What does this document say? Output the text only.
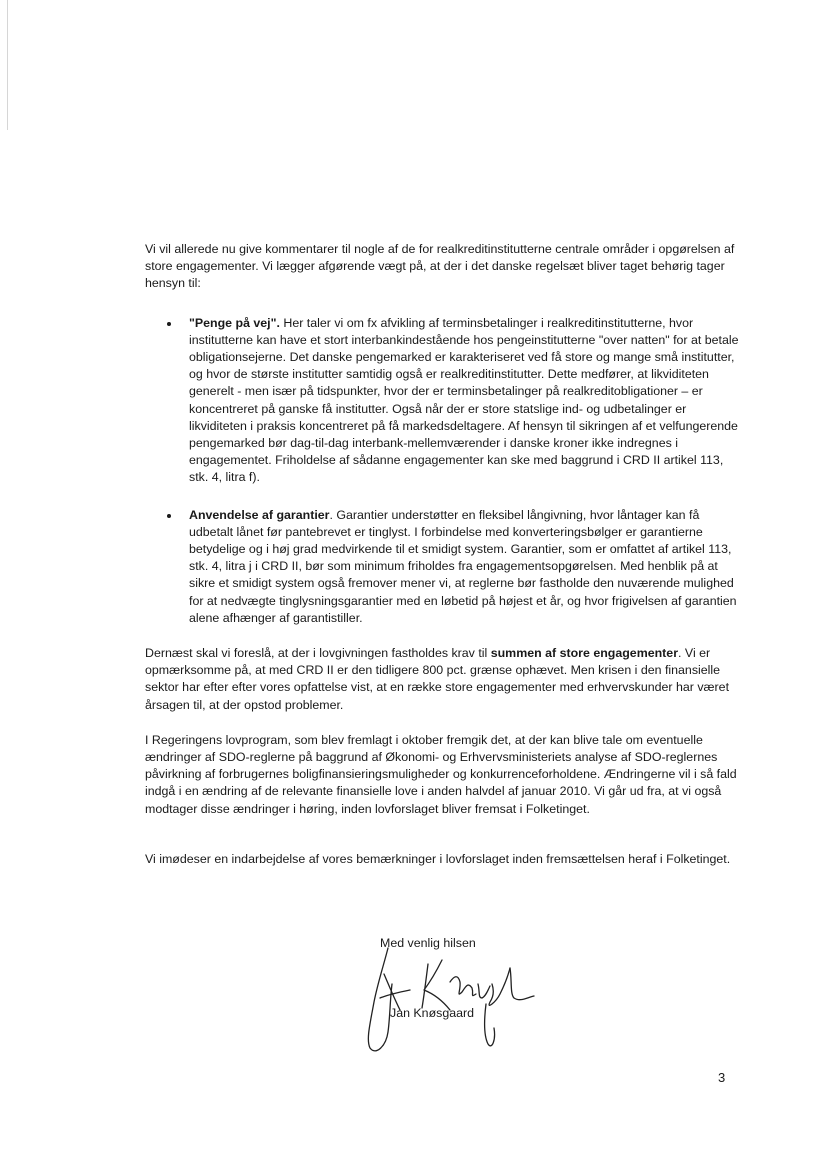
Vi vil allerede nu give kommentarer til nogle af de for realkreditinstitutterne centrale områder i opgørelsen af store engagementer. Vi lægger afgørende vægt på, at der i det danske regelsæt bliver taget behørig tager hensyn til:

"Penge på vej". Her taler vi om fx afvikling af terminsbetalinger i realkreditinstitutterne, hvor institutterne kan have et stort interbankindestående hos pengeinstitutterne "over natten" for at betale obligationsejerne. Det danske pengemarked er karakteriseret ved få store og mange små institutter, og hvor de største institutter samtidig også er realkreditinstitutter. Dette medfører, at likviditeten generelt - men især på tidspunkter, hvor der er terminsbetalinger på realkreditobligationer – er koncentreret på ganske få institutter. Også når der er store statslige ind- og udbetalinger er likviditeten i praksis koncentreret på få markedsdeltagere. Af hensyn til sikringen af et velfungerende pengemarked bør dag-til-dag interbank-mellemværender i danske kroner ikke indregnes i engagementet. Friholdelse af sådanne engagementer kan ske med baggrund i CRD II artikel 113, stk. 4, litra f).
Anvendelse af garantier. Garantier understøtter en fleksibel långivning, hvor låntager kan få udbetalt lånet før pantebrevet er tinglyst. I forbindelse med konverteringsbølger er garantierne betydelige og i høj grad medvirkende til et smidigt system. Garantier, som er omfattet af artikel 113, stk. 4, litra j i CRD II, bør som minimum friholdes fra engagementsopgørelsen. Med henblik på at sikre et smidigt system også fremover mener vi, at reglerne bør fastholde den nuværende mulighed for at nedvægte tinglysningsgarantier med en løbetid på højest et år, og hvor frigivelsen af garantien alene afhænger af garantistiller.

Dernæst skal vi foreslå, at der i lovgivningen fastholdes krav til summen af store engagementer. Vi er opmærksomme på, at med CRD II er den tidligere 800 pct. grænse ophævet. Men krisen i den finansielle sektor har efter efter vores opfattelse vist, at en række store engagementer med erhvervskunder har været årsagen til, at der opstod problemer.

I Regeringens lovprogram, som blev fremlagt i oktober fremgik det, at der kan blive tale om eventuelle ændringer af SDO-reglerne på baggrund af Økonomi- og Erhvervsministeriets analyse af SDO-reglernes påvirkning af forbrugernes boligfinansieringsmuligheder og konkurrenceforholdene. Ændringerne vil i så fald indgå i en ændring af de relevante finansielle love i anden halvdel af januar 2010. Vi går ud fra, at vi også modtager disse ændringer i høring, inden lovforslaget bliver fremsat i Folketinget.

Vi imødeser en indarbejdelse af vores bemærkninger i lovforslaget inden fremsættelsen heraf i Folketinget.

Med venlig hilsen
Jan Knøsgaard
3
